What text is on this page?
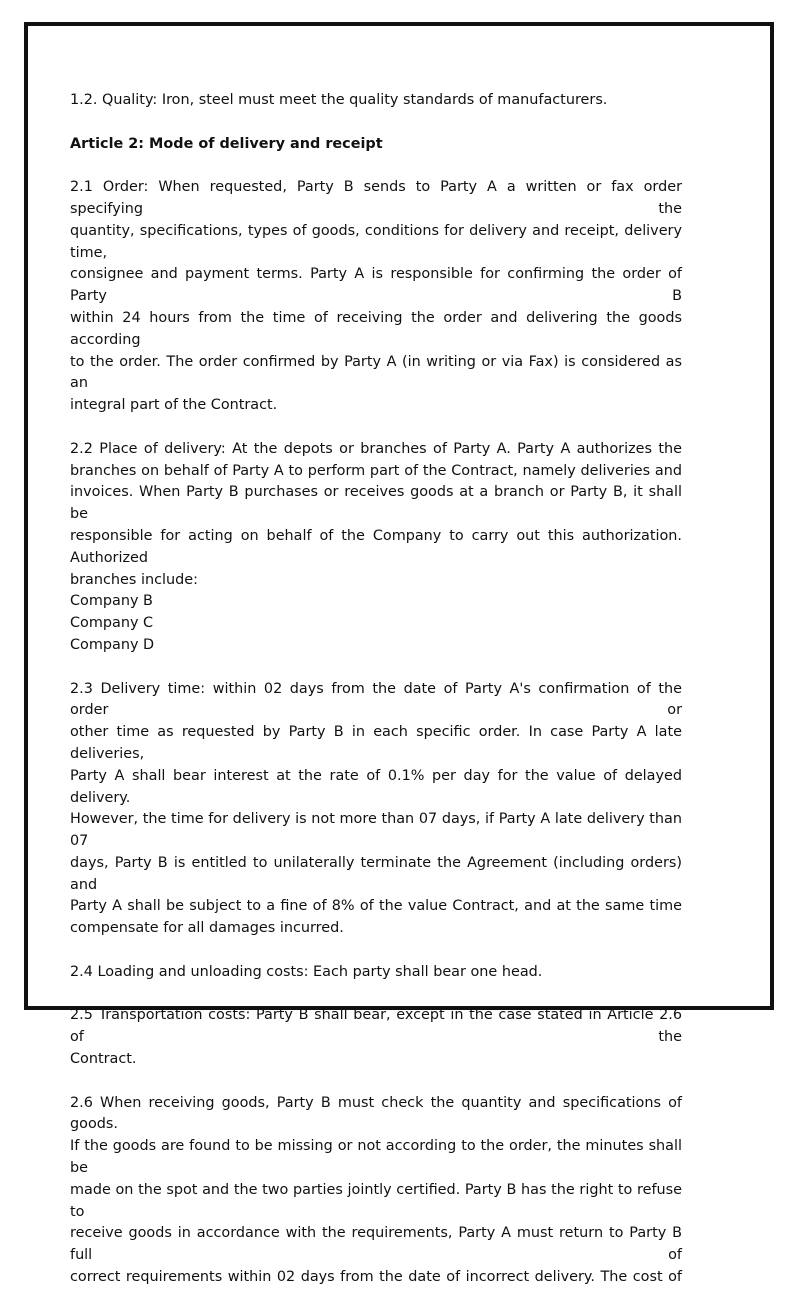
1.2. Quality: Iron, steel must meet the quality standards of manufacturers.

Article 2: Mode of delivery and receipt

2.1 Order: When requested, Party B sends to Party A a written or fax order specifying the
quantity, specifications, types of goods, conditions for delivery and receipt, delivery time,
consignee and payment terms. Party A is responsible for confirming the order of Party B
within 24 hours from the time of receiving the order and delivering the goods according
to the order. The order confirmed by Party A (in writing or via Fax) is considered as an
integral part of the Contract.

2.2 Place of delivery: At the depots or branches of Party A. Party A authorizes the
branches on behalf of Party A to perform part of the Contract, namely deliveries and
invoices. When Party B purchases or receives goods at a branch or Party B, it shall be
responsible for acting on behalf of the Company to carry out this authorization. Authorized
branches include:
Company B
Company C
Company D

2.3 Delivery time: within 02 days from the date of Party A's confirmation of the order or
other time as requested by Party B in each specific order. In case Party A late deliveries,
Party A shall bear interest at the rate of 0.1% per day for the value of delayed delivery.
However, the time for delivery is not more than 07 days, if Party A late delivery than 07
days, Party B is entitled to unilaterally terminate the Agreement (including orders) and
Party A shall be subject to a fine of 8% of the value Contract, and at the same time
compensate for all damages incurred.

2.4 Loading and unloading costs: Each party shall bear one head.

2.5 Transportation costs: Party B shall bear, except in the case stated in Article 2.6 of the
Contract.

2.6 When receiving goods, Party B must check the quantity and specifications of goods.
If the goods are found to be missing or not according to the order, the minutes shall be
made on the spot and the two parties jointly certified. Party B has the right to refuse to
receive goods in accordance with the requirements, Party A must return to Party B full of
correct requirements within 02 days from the date of incorrect delivery. The cost of
